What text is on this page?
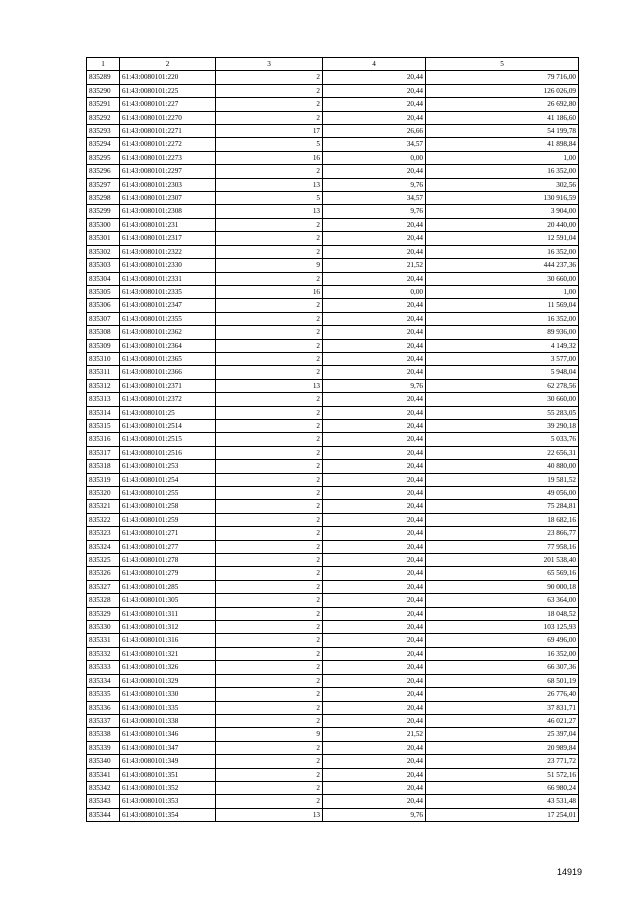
1	2	3	4	5
835289	61:43:0080101:220	2	20,44	79 716,00
835290	61:43:0080101:225	2	20,44	126 026,09
835291	61:43:0080101:227	2	20,44	26 692,80
835292	61:43:0080101:2270	2	20,44	41 186,60
835293	61:43:0080101:2271	17	26,66	54 199,78
835294	61:43:0080101:2272	5	34,57	41 898,84
835295	61:43:0080101:2273	16	0,00	1,00
835296	61:43:0080101:2297	2	20,44	16 352,00
835297	61:43:0080101:2303	13	9,76	302,56
835298	61:43:0080101:2307	5	34,57	130 916,59
835299	61:43:0080101:2308	13	9,76	3 904,00
835300	61:43:0080101:231	2	20,44	20 440,00
835301	61:43:0080101:2317	2	20,44	12 591,04
835302	61:43:0080101:2322	2	20,44	16 352,00
835303	61:43:0080101:2330	9	21,52	444 237,36
835304	61:43:0080101:2331	2	20,44	30 660,00
835305	61:43:0080101:2335	16	0,00	1,00
835306	61:43:0080101:2347	2	20,44	11 569,04
835307	61:43:0080101:2355	2	20,44	16 352,00
835308	61:43:0080101:2362	2	20,44	89 936,00
835309	61:43:0080101:2364	2	20,44	4 149,32
835310	61:43:0080101:2365	2	20,44	3 577,00
835311	61:43:0080101:2366	2	20,44	5 948,04
835312	61:43:0080101:2371	13	9,76	62 278,56
835313	61:43:0080101:2372	2	20,44	30 660,00
835314	61:43:0080101:25	2	20,44	55 283,05
835315	61:43:0080101:2514	2	20,44	39 290,18
835316	61:43:0080101:2515	2	20,44	5 033,76
835317	61:43:0080101:2516	2	20,44	22 656,31
835318	61:43:0080101:253	2	20,44	40 880,00
835319	61:43:0080101:254	2	20,44	19 581,52
835320	61:43:0080101:255	2	20,44	49 056,00
835321	61:43:0080101:258	2	20,44	75 284,81
835322	61:43:0080101:259	2	20,44	18 682,16
835323	61:43:0080101:271	2	20,44	23 866,77
835324	61:43:0080101:277	2	20,44	77 958,16
835325	61:43:0080101:278	2	20,44	201 538,40
835326	61:43:0080101:279	2	20,44	65 569,16
835327	61:43:0080101:285	2	20,44	90 000,18
835328	61:43:0080101:305	2	20,44	63 364,00
835329	61:43:0080101:311	2	20,44	18 048,52
835330	61:43:0080101:312	2	20,44	103 125,93
835331	61:43:0080101:316	2	20,44	69 496,00
835332	61:43:0080101:321	2	20,44	16 352,00
835333	61:43:0080101:326	2	20,44	66 307,36
835334	61:43:0080101:329	2	20,44	68 501,19
835335	61:43:0080101:330	2	20,44	26 776,40
835336	61:43:0080101:335	2	20,44	37 831,71
835337	61:43:0080101:338	2	20,44	46 021,27
835338	61:43:0080101:346	9	21,52	25 397,04
835339	61:43:0080101:347	2	20,44	20 989,84
835340	61:43:0080101:349	2	20,44	23 771,72
835341	61:43:0080101:351	2	20,44	51 572,16
835342	61:43:0080101:352	2	20,44	66 980,24
835343	61:43:0080101:353	2	20,44	43 531,48
835344	61:43:0080101:354	13	9,76	17 254,01
14919
